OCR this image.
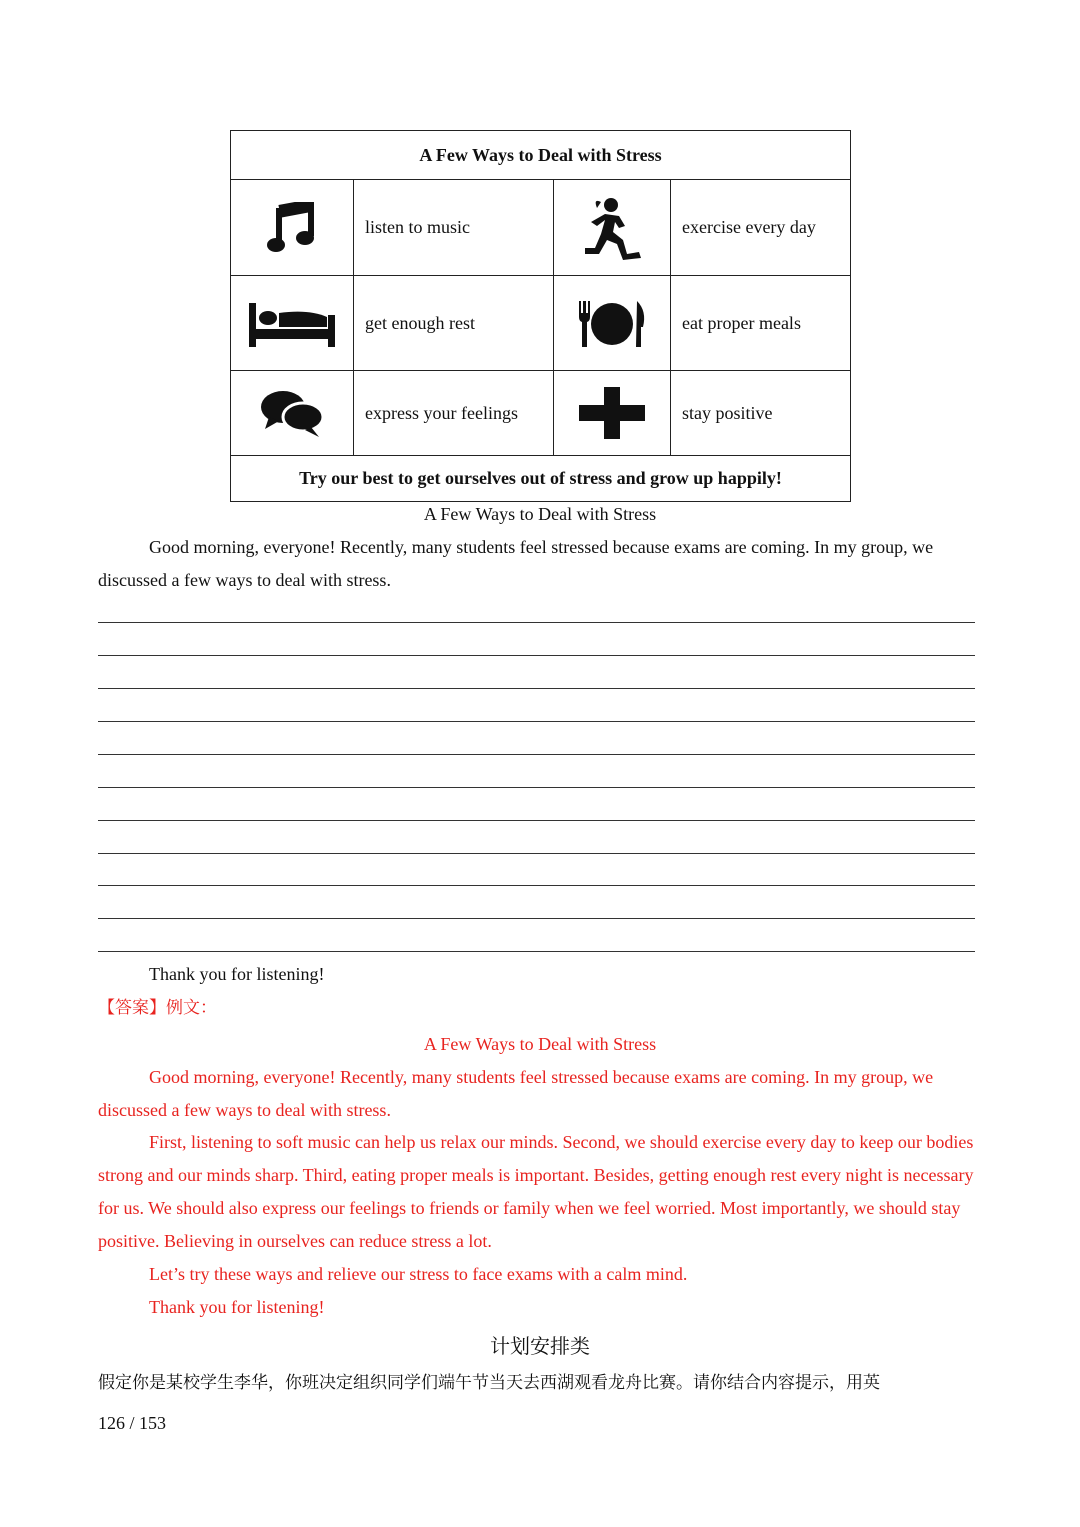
A Few Ways to Deal with Stress
listen to music	exercise every day
get enough rest	eat proper meals
express your feelings	stay positive
Try our best to get ourselves out of stress and grow up happily!
A Few Ways to Deal with Stress
Good morning, everyone! Recently, many students feel stressed because exams are coming. In my group, we discussed a few ways to deal with stress.
Thank you for listening!
【答案】例文：
A Few Ways to Deal with Stress
Good morning, everyone! Recently, many students feel stressed because exams are coming. In my group, we discussed a few ways to deal with stress.
First, listening to soft music can help us relax our minds. Second, we should exercise every day to keep our bodies strong and our minds sharp. Third, eating proper meals is important. Besides, getting enough rest every night is necessary for us. We should also express our feelings to friends or family when we feel worried. Most importantly, we should stay positive. Believing in ourselves can reduce stress a lot.
Let’s try these ways and relieve our stress to face exams with a calm mind.
Thank you for listening!
计划安排类
假定你是某校学生李华，你班决定组织同学们端午节当天去西湖观看龙舟比赛。请你结合内容提示，用英
126 / 153
